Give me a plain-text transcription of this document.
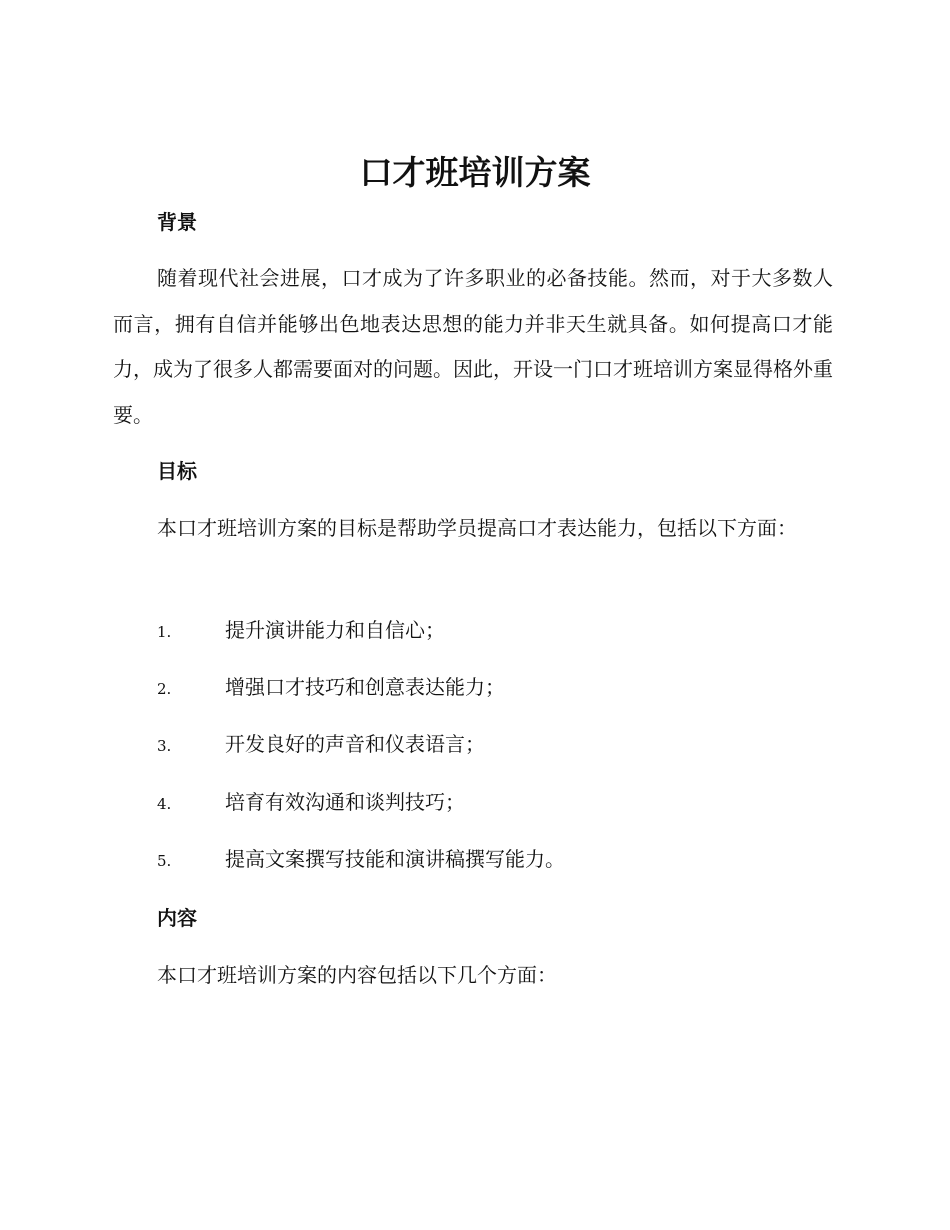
口才班培训方案
背景

随着现代社会进展，口才成为了许多职业的必备技能。然而，对于大多数人而言，拥有自信并能够出色地表达思想的能力并非天生就具备。如何提高口才能力，成为了很多人都需要面对的问题。因此，开设一门口才班培训方案显得格外重要。

目标

本口才班培训方案的目标是帮助学员提高口才表达能力，包括以下方面：

1.	提升演讲能力和自信心；
2.	增强口才技巧和创意表达能力；
3.	开发良好的声音和仪表语言；
4.	培育有效沟通和谈判技巧；
5.	提高文案撰写技能和演讲稿撰写能力。
内容

本口才班培训方案的内容包括以下几个方面：
